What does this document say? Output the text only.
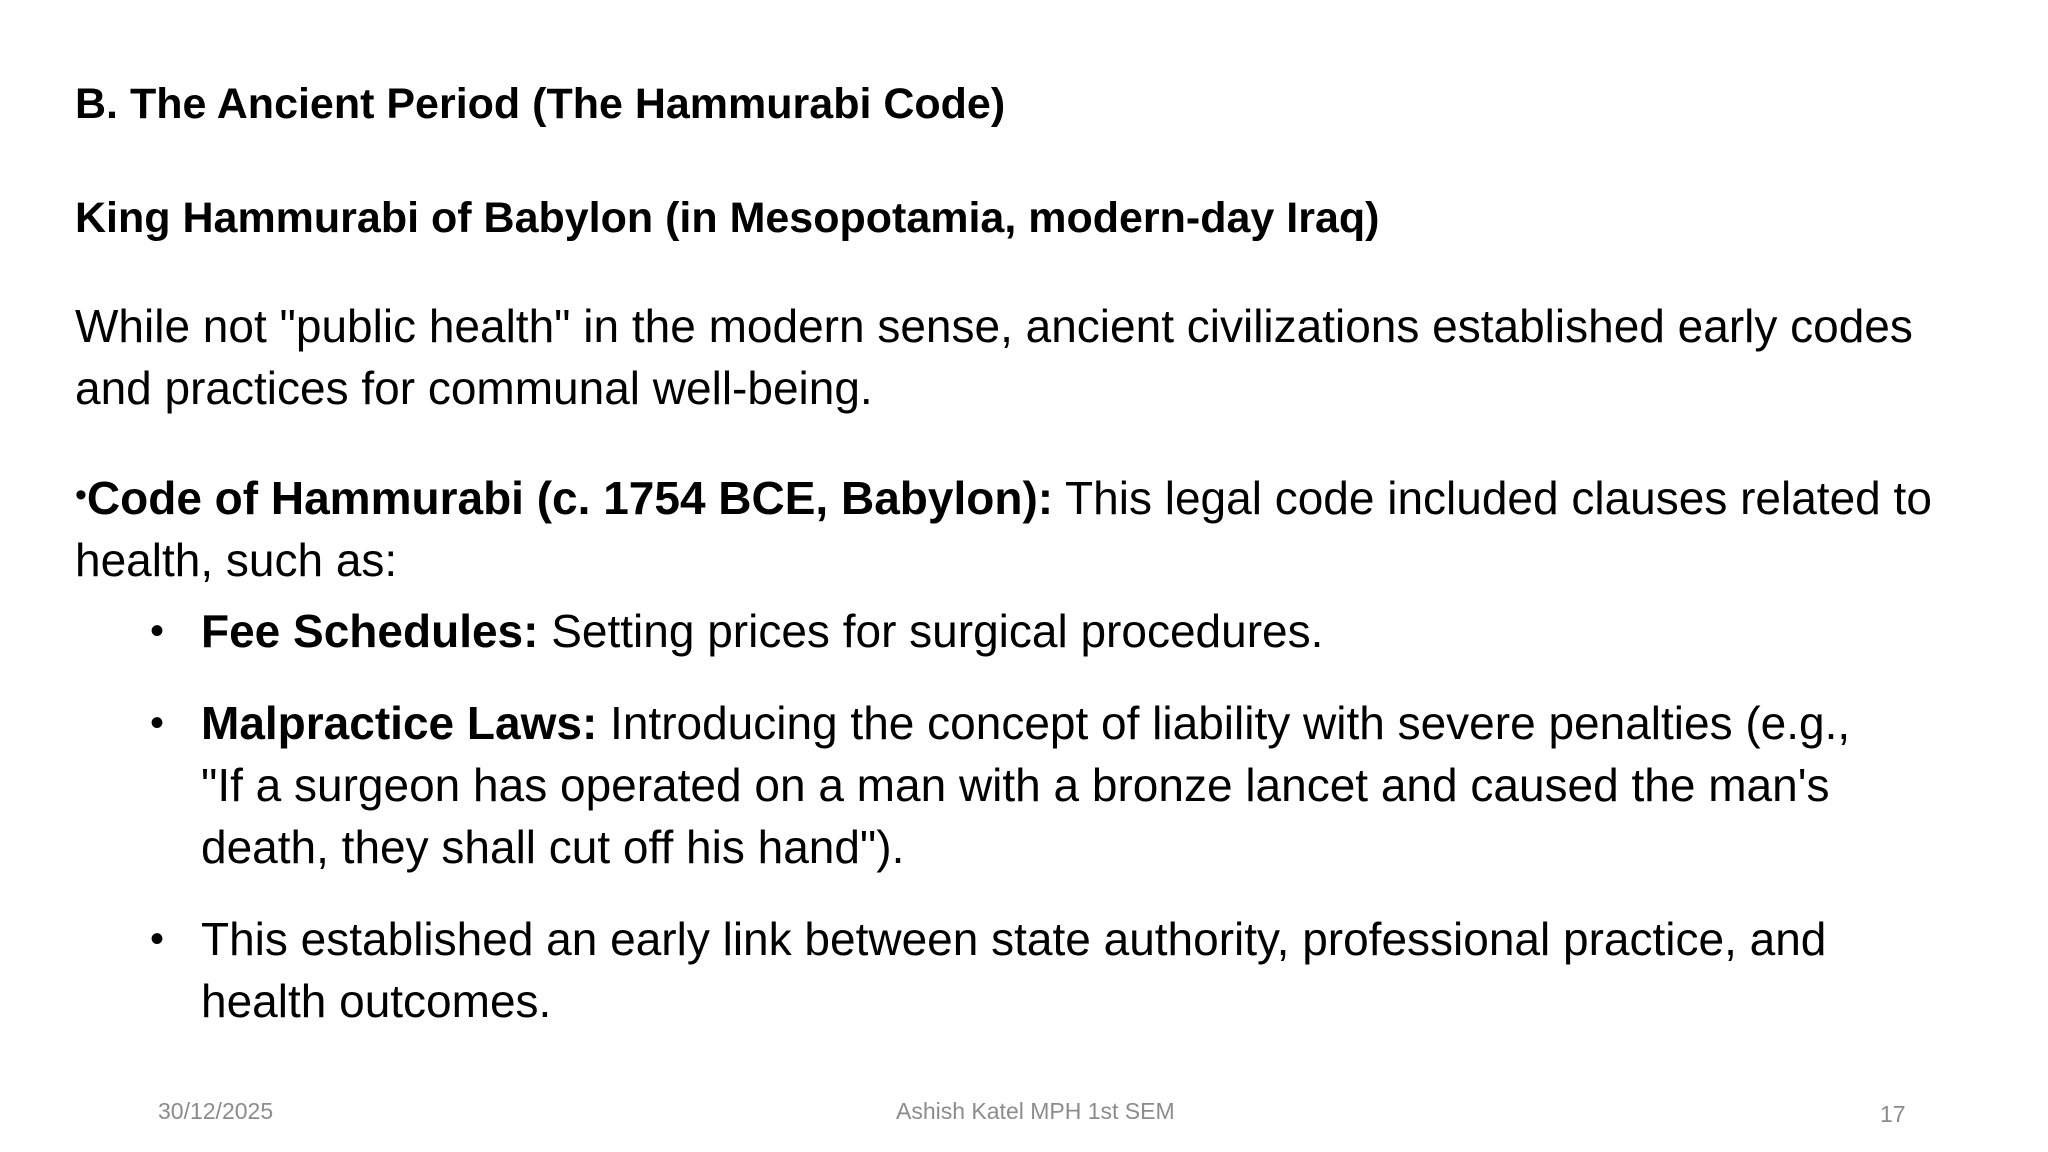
B. The Ancient Period (The Hammurabi Code)
King Hammurabi of Babylon (in Mesopotamia, modern-day Iraq)
While not "public health" in the modern sense, ancient civilizations established early codes and practices for communal well-being.
•Code of Hammurabi (c. 1754 BCE, Babylon): This legal code included clauses related to health, such as:
• Fee Schedules: Setting prices for surgical procedures.
• Malpractice Laws: Introducing the concept of liability with severe penalties (e.g., "If a surgeon has operated on a man with a bronze lancet and caused the man's death, they shall cut off his hand").
• This established an early link between state authority, professional practice, and health outcomes.
30/12/2025	Ashish Katel MPH 1st SEM	17
